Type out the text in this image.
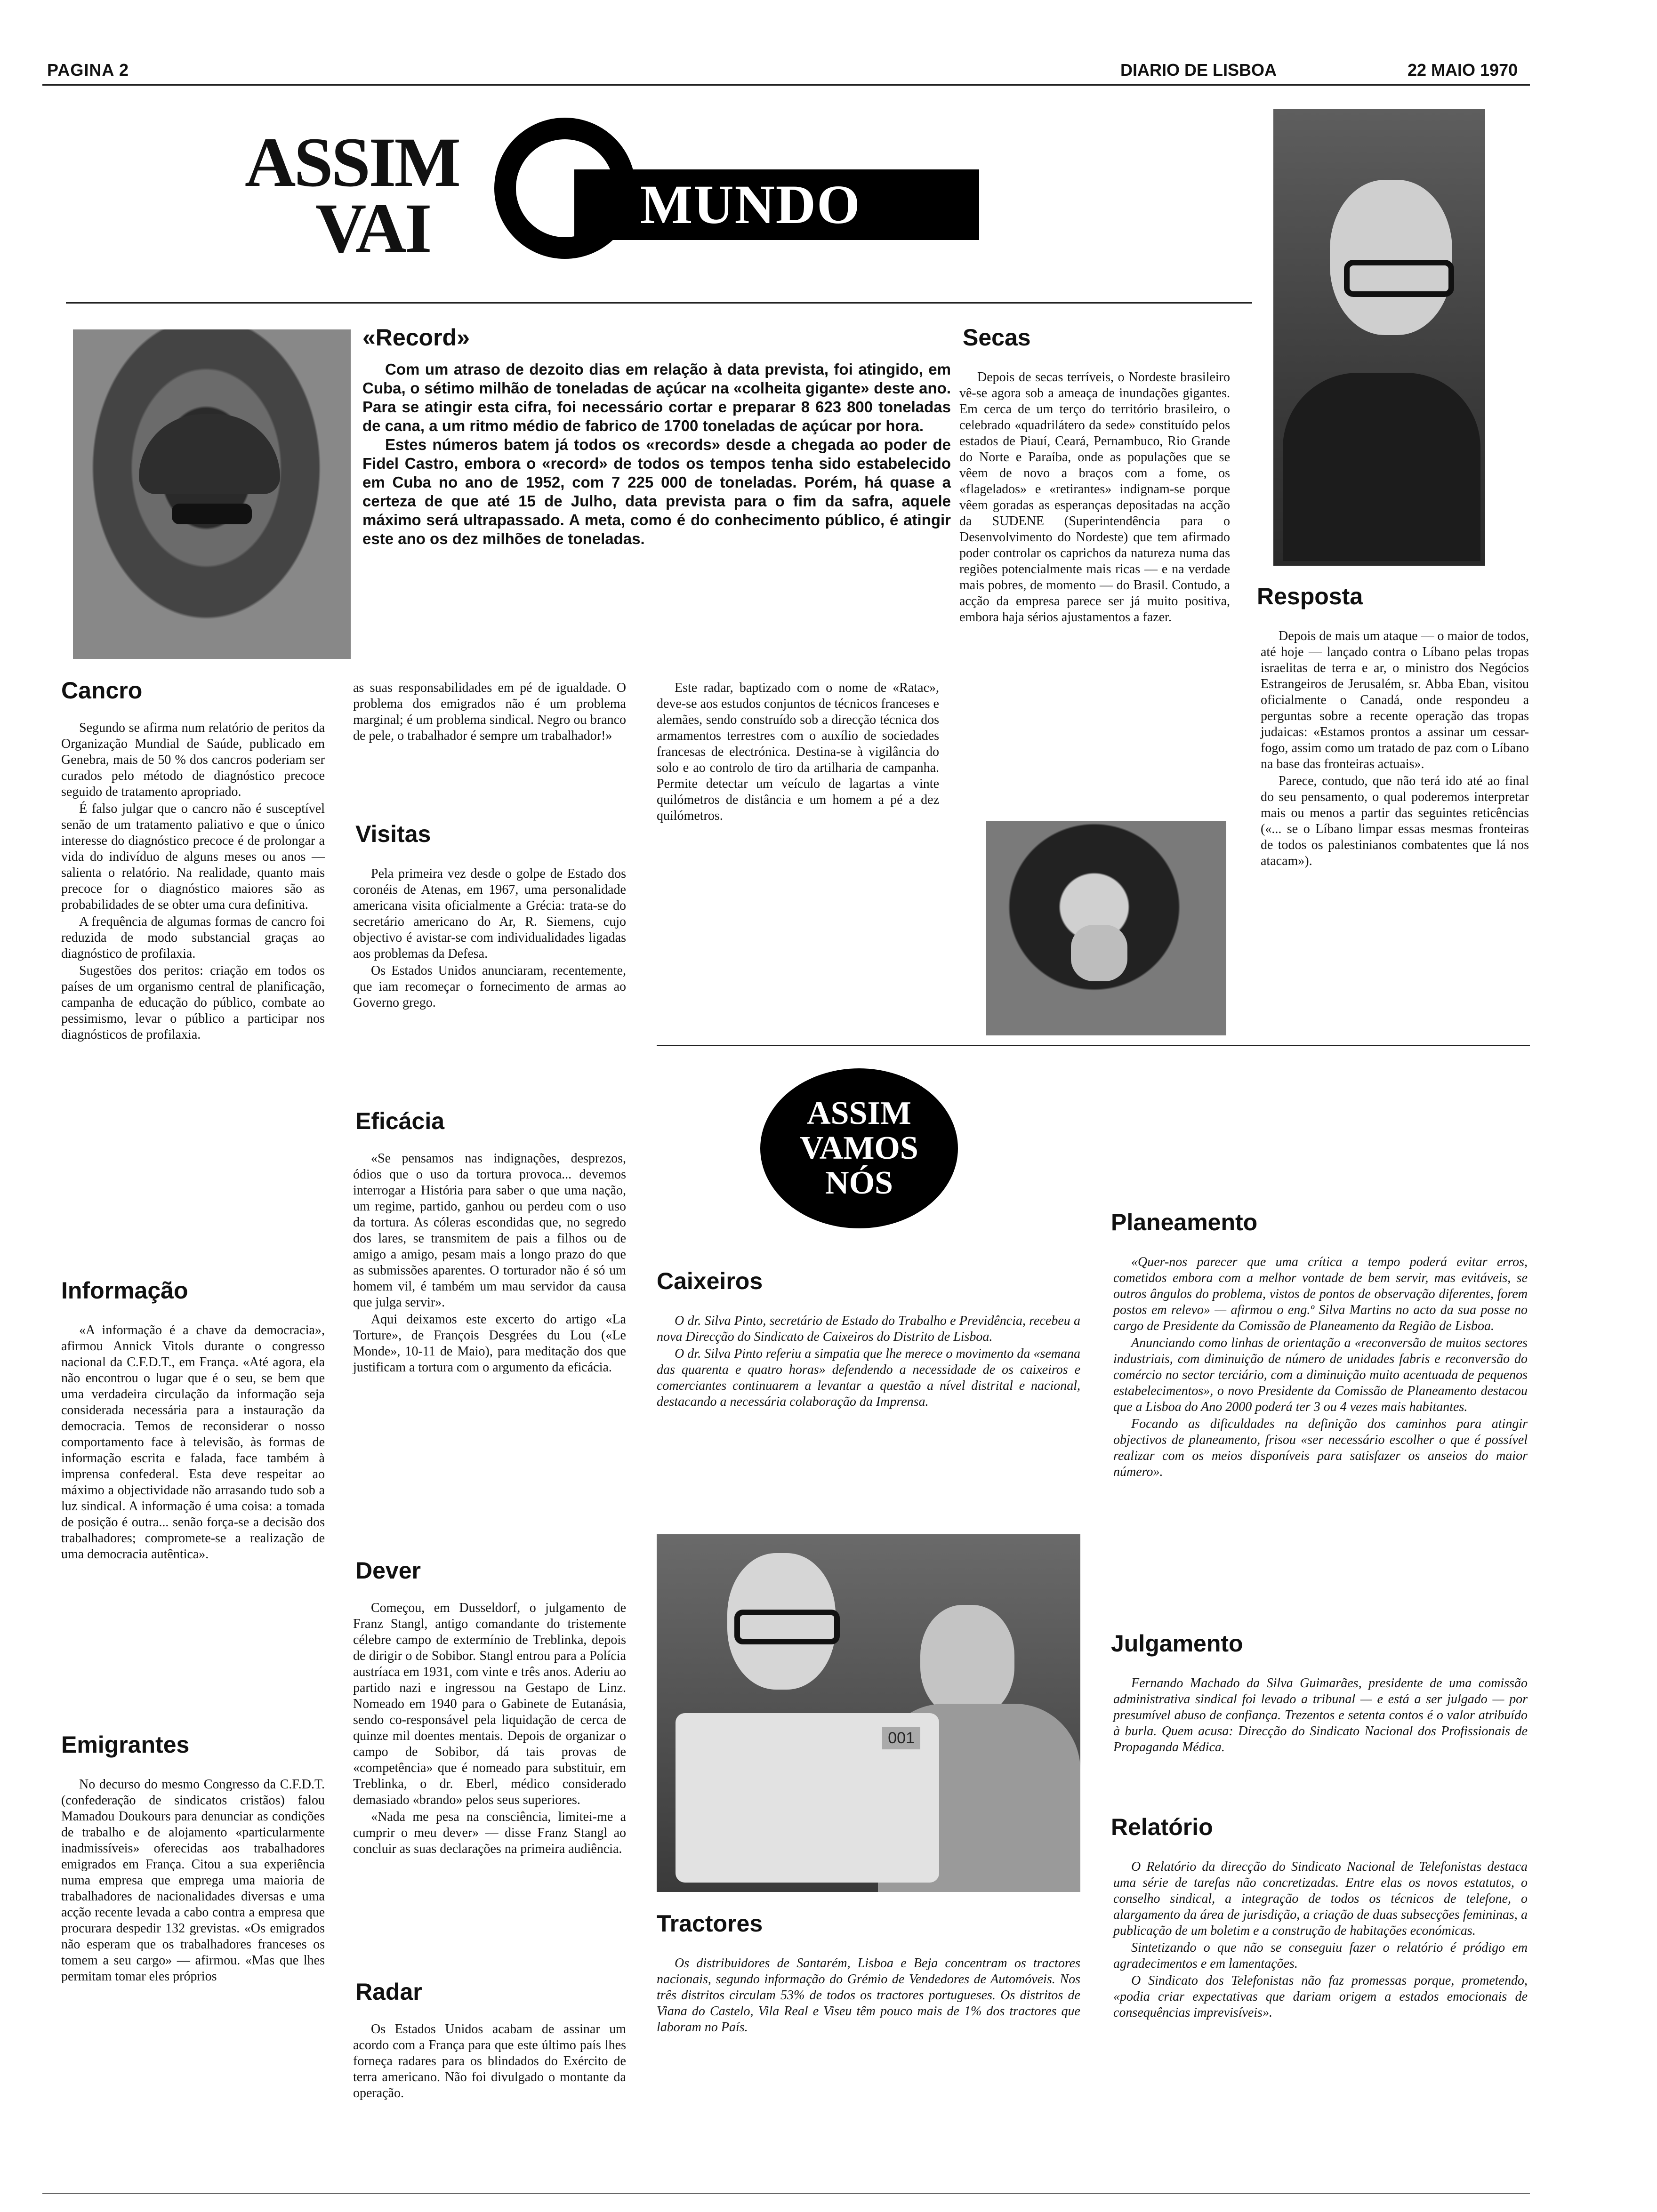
PAGINA 2	DIARIO DE LISBOA	22 MAIO 1970
ASSIM
VAI	MUNDO
«Record»

Com um atraso de dezoito dias em relação à data prevista, foi atingido, em Cuba, o sétimo milhão de toneladas de açúcar na «colheita gigante» deste ano. Para se atingir esta cifra, foi necessário cortar e preparar 8 623 800 toneladas de cana, a um ritmo médio de fabrico de 1700 toneladas de açúcar por hora.

Estes números batem já todos os «records» desde a chegada ao poder de Fidel Castro, embora o «record» de todos os tempos tenha sido estabelecido em Cuba no ano de 1952, com 7 225 000 de toneladas. Porém, há quase a certeza de que até 15 de Julho, data prevista para o fim da safra, aquele máximo será ultrapassado. A meta, como é do conhecimento público, é atingir este ano os dez milhões de toneladas.

Secas

Depois de secas terríveis, o Nordeste brasileiro vê-se agora sob a ameaça de inundações gigantes. Em cerca de um terço do território brasileiro, o celebrado «quadrilátero da sede» constituído pelos estados de Piauí, Ceará, Pernambuco, Rio Grande do Norte e Paraíba, onde as populações que se vêem de novo a braços com a fome, os «flagelados» e «retirantes» indignam-se porque vêem goradas as esperanças depositadas na acção da SUDENE (Superintendência para o Desenvolvimento do Nordeste) que tem afirmado poder controlar os caprichos da natureza numa das regiões potencialmente mais ricas — e na verdade mais pobres, de momento — do Brasil. Contudo, a acção da empresa parece ser já muito positiva, embora haja sérios ajustamentos a fazer.

Resposta

Depois de mais um ataque — o maior de todos, até hoje — lançado contra o Líbano pelas tropas israelitas de terra e ar, o ministro dos Negócios Estrangeiros de Jerusalém, sr. Abba Eban, visitou oficialmente o Canadá, onde respondeu a perguntas sobre a recente operação das tropas judaicas: «Estamos prontos a assinar um cessar-fogo, assim como um tratado de paz com o Líbano na base das fronteiras actuais».

Parece, contudo, que não terá ido até ao final do seu pensamento, o qual poderemos interpretar mais ou menos a partir das seguintes reticências («... se o Líbano limpar essas mesmas fronteiras de todos os palestinianos combatentes que lá nos atacam»).

Cancro

Segundo se afirma num relatório de peritos da Organização Mundial de Saúde, publicado em Genebra, mais de 50 % dos cancros poderiam ser curados pelo método de diagnóstico precoce seguido de tratamento apropriado.

É falso julgar que o cancro não é susceptível senão de um tratamento paliativo e que o único interesse do diagnóstico precoce é de prolongar a vida do indivíduo de alguns meses ou anos — salienta o relatório. Na realidade, quanto mais precoce for o diagnóstico maiores são as probabilidades de se obter uma cura definitiva.

A frequência de algumas formas de cancro foi reduzida de modo substancial graças ao diagnóstico de profilaxia.

Sugestões dos peritos: criação em todos os países de um organismo central de planificação, campanha de educação do público, combate ao pessimismo, levar o público a participar nos diagnósticos de profilaxia.

Informação

«A informação é a chave da democracia», afirmou Annick Vitols durante o congresso nacional da C.F.D.T., em França. «Até agora, ela não encontrou o lugar que é o seu, se bem que uma verdadeira circulação da informação seja considerada necessária para a instauração da democracia. Temos de reconsiderar o nosso comportamento face à televisão, às formas de informação escrita e falada, face também à imprensa confederal. Esta deve respeitar ao máximo a objectividade não arrasando tudo sob a luz sindical. A informação é uma coisa: a tomada de posição é outra... senão força-se a decisão dos trabalhadores; compromete-se a realização de uma democracia autêntica».

Emigrantes

No decurso do mesmo Congresso da C.F.D.T. (confederação de sindicatos cristãos) falou Mamadou Doukours para denunciar as condições de trabalho e de alojamento «particularmente inadmissíveis» oferecidas aos trabalhadores emigrados em França. Citou a sua experiência numa empresa que emprega uma maioria de trabalhadores de nacionalidades diversas e uma acção recente levada a cabo contra a empresa que procurara despedir 132 grevistas. «Os emigrados não esperam que os trabalhadores franceses os tomem a seu cargo» — afirmou. «Mas que lhes permitam tomar eles próprios

as suas responsabilidades em pé de igualdade. O problema dos emigrados não é um problema marginal; é um problema sindical. Negro ou branco de pele, o trabalhador é sempre um trabalhador!»

Visitas

Pela primeira vez desde o golpe de Estado dos coronéis de Atenas, em 1967, uma personalidade americana visita oficialmente a Grécia: trata-se do secretário americano do Ar, R. Siemens, cujo objectivo é avistar-se com individualidades ligadas aos problemas da Defesa.

Os Estados Unidos anunciaram, recentemente, que iam recomeçar o fornecimento de armas ao Governo grego.

Eficácia

«Se pensamos nas indignações, desprezos, ódios que o uso da tortura provoca... devemos interrogar a História para saber o que uma nação, um regime, partido, ganhou ou perdeu com o uso da tortura. As cóleras escondidas que, no segredo dos lares, se transmitem de pais a filhos ou de amigo a amigo, pesam mais a longo prazo do que as submissões aparentes. O torturador não é só um homem vil, é também um mau servidor da causa que julga servir».

Aqui deixamos este excerto do artigo «La Torture», de François Desgrées du Lou («Le Monde», 10-11 de Maio), para meditação dos que justificam a tortura com o argumento da eficácia.

Dever

Começou, em Dusseldorf, o julgamento de Franz Stangl, antigo comandante do tristemente célebre campo de extermínio de Treblinka, depois de dirigir o de Sobibor. Stangl entrou para a Polícia austríaca em 1931, com vinte e três anos. Aderiu ao partido nazi e ingressou na Gestapo de Linz. Nomeado em 1940 para o Gabinete de Eutanásia, sendo co-responsável pela liquidação de cerca de quinze mil doentes mentais. Depois de organizar o campo de Sobibor, dá tais provas de «competência» que é nomeado para substituir, em Treblinka, o dr. Eberl, médico considerado demasiado «brando» pelos seus superiores.

«Nada me pesa na consciência, limitei-me a cumprir o meu dever» — disse Franz Stangl ao concluir as suas declarações na primeira audiência.

Radar

Os Estados Unidos acabam de assinar um acordo com a França para que este último país lhes forneça radares para os blindados do Exército de terra americano. Não foi divulgado o montante da operação.

Este radar, baptizado com o nome de «Ratac», deve-se aos estudos conjuntos de técnicos franceses e alemães, sendo construído sob a direcção técnica dos armamentos terrestres com o auxílio de sociedades francesas de electrónica. Destina-se à vigilância do solo e ao controlo de tiro da artilharia de campanha. Permite detectar um veículo de lagartas a vinte quilómetros de distância e um homem a pé a dez quilómetros.

ASSIM
VAMOS
NÓS
Caixeiros

O dr. Silva Pinto, secretário de Estado do Trabalho e Previdência, recebeu a nova Direcção do Sindicato de Caixeiros do Distrito de Lisboa.

O dr. Silva Pinto referiu a simpatia que lhe merece o movimento da «semana das quarenta e quatro horas» defendendo a necessidade de os caixeiros e comerciantes continuarem a levantar a questão a nível distrital e nacional, destacando a necessária colaboração da Imprensa.

001
Tractores

Os distribuidores de Santarém, Lisboa e Beja concentram os tractores nacionais, segundo informação do Grémio de Vendedores de Automóveis. Nos três distritos circulam 53% de todos os tractores portugueses. Os distritos de Viana do Castelo, Vila Real e Viseu têm pouco mais de 1% dos tractores que laboram no País.

Planeamento

«Quer-nos parecer que uma crítica a tempo poderá evitar erros, cometidos embora com a melhor vontade de bem servir, mas evitáveis, se outros ângulos do problema, vistos de pontos de observação diferentes, forem postos em relevo» — afirmou o eng.º Silva Martins no acto da sua posse no cargo de Presidente da Comissão de Planeamento da Região de Lisboa.

Anunciando como linhas de orientação a «reconversão de muitos sectores industriais, com diminuição de número de unidades fabris e reconversão do comércio no sector terciário, com a diminuição muito acentuada de pequenos estabelecimentos», o novo Presidente da Comissão de Planeamento destacou que a Lisboa do Ano 2000 poderá ter 3 ou 4 vezes mais habitantes.

Focando as dificuldades na definição dos caminhos para atingir objectivos de planeamento, frisou «ser necessário escolher o que é possível realizar com os meios disponíveis para satisfazer os anseios do maior número».

Julgamento

Fernando Machado da Silva Guimarães, presidente de uma comissão administrativa sindical foi levado a tribunal — e está a ser julgado — por presumível abuso de confiança. Trezentos e setenta contos é o valor atribuído à burla. Quem acusa: Direcção do Sindicato Nacional dos Profissionais de Propaganda Médica.

Relatório

O Relatório da direcção do Sindicato Nacional de Telefonistas destaca uma série de tarefas não concretizadas. Entre elas os novos estatutos, o conselho sindical, a integração de todos os técnicos de telefone, o alargamento da área de jurisdição, a criação de duas subsecções femininas, a publicação de um boletim e a construção de habitações económicas.

Sintetizando o que não se conseguiu fazer o relatório é pródigo em agradecimentos e em lamentações.

O Sindicato dos Telefonistas não faz promessas porque, prometendo, «podia criar expectativas que dariam origem a estados emocionais de consequências imprevisíveis».
